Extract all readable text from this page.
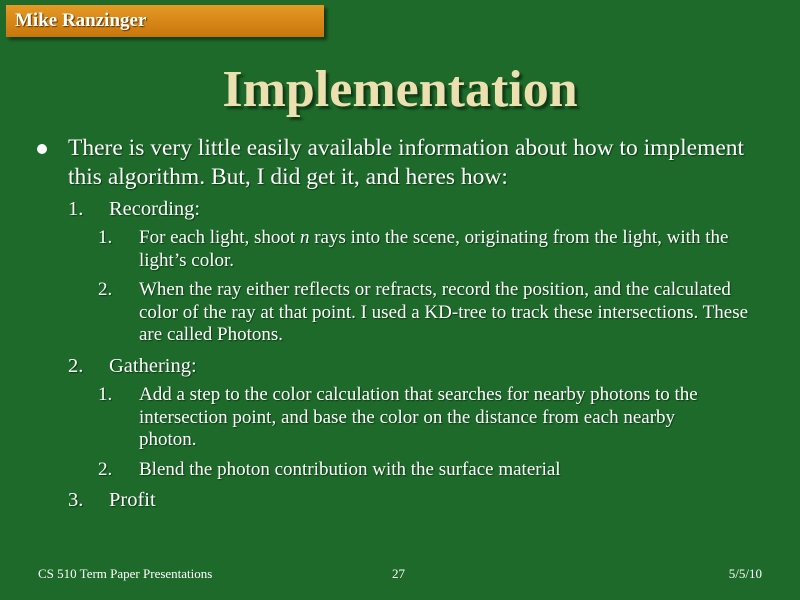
Mike Ranzinger
Implementation
There is very little easily available information about how to implement this algorithm. But, I did get it, and heres how:
1. Recording:
1.	For each light, shoot n rays into the scene, originating from the light, with the light’s color.
2.	When the ray either reflects or refracts, record the position, and the calculated color of the ray at that point. I used a KD-tree to track these intersections. These are called Photons.
2. Gathering:
1.	Add a step to the color calculation that searches for nearby photons to the intersection point, and base the color on the distance from each nearby photon.
2.	Blend the photon contribution with the surface material
3. Profit
CS 510 Term Paper Presentations	27	5/5/10
